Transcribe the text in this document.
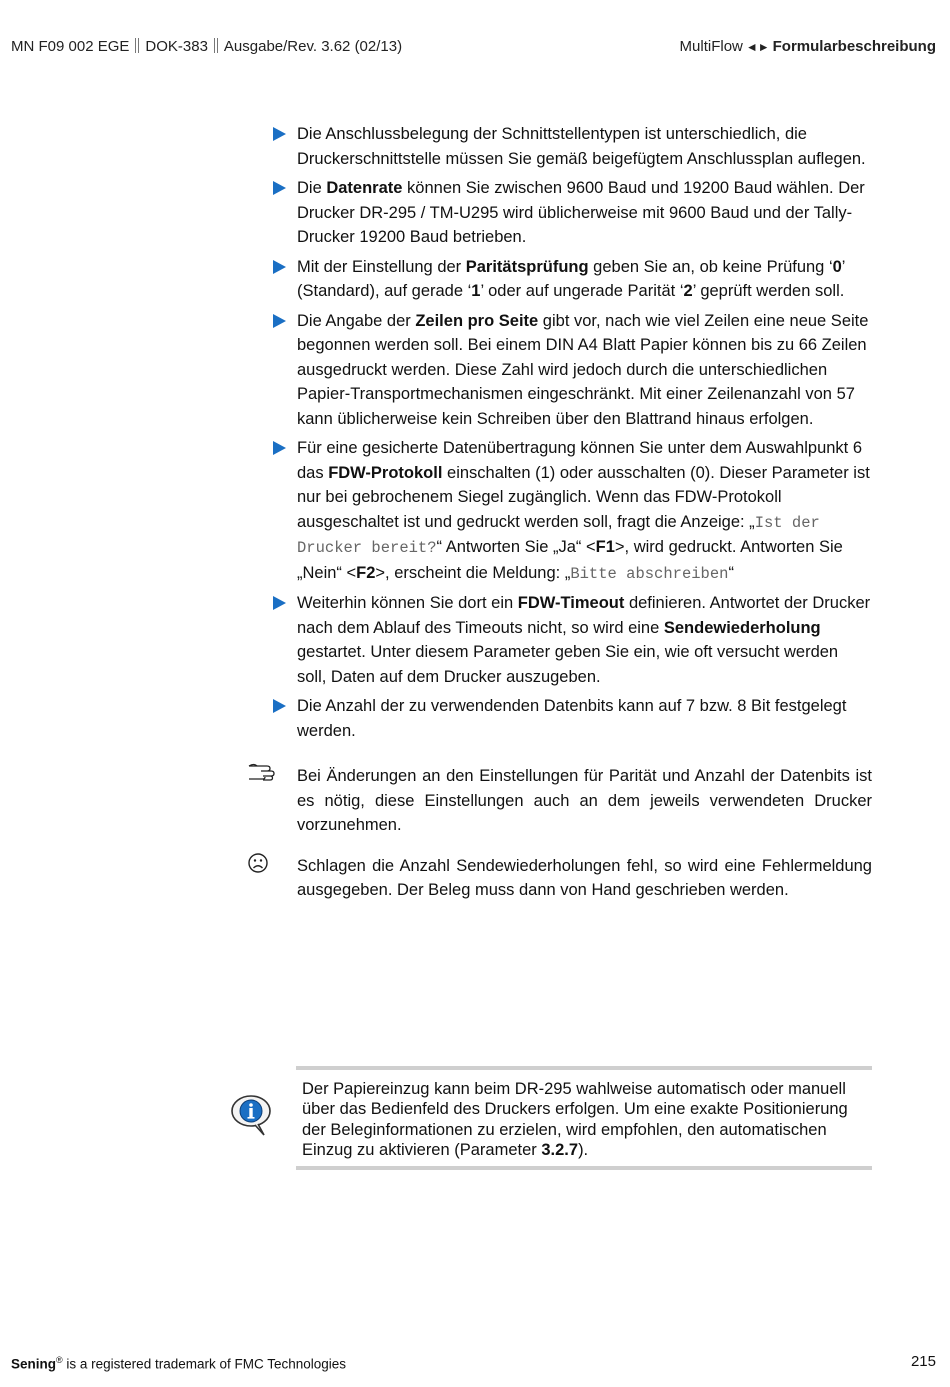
MN F09 002 EGE DOK-383 Ausgabe/Rev. 3.62 (02/13)	MultiFlow ◄► Formularbeschreibung
Die Anschlussbelegung der Schnittstellentypen ist unterschiedlich, die Druckerschnittstelle müssen Sie gemäß beigefügtem Anschlussplan auflegen.
Die Datenrate können Sie zwischen 9600 Baud und 19200 Baud wählen. Der Drucker DR-295 / TM-U295 wird üblicherweise mit 9600 Baud und der Tally-Drucker 19200 Baud betrieben.
Mit der Einstellung der Paritätsprüfung geben Sie an, ob keine Prüfung ‘0’ (Standard), auf gerade ‘1’ oder auf ungerade Parität ‘2’ geprüft werden soll.
Die Angabe der Zeilen pro Seite gibt vor, nach wie viel Zeilen eine neue Seite begonnen werden soll. Bei einem DIN A4 Blatt Papier können bis zu 66 Zeilen ausgedruckt werden. Diese Zahl wird jedoch durch die unterschiedlichen Papier-Transportmechanismen eingeschränkt. Mit einer Zeilenanzahl von 57 kann üblicherweise kein Schreiben über den Blattrand hinaus erfolgen.
Für eine gesicherte Datenübertragung können Sie unter dem Auswahlpunkt 6 das FDW-Protokoll einschalten (1) oder ausschalten (0). Dieser Parameter ist nur bei gebrochenem Siegel zugänglich. Wenn das FDW-Protokoll ausgeschaltet ist und gedruckt werden soll, fragt die Anzeige: „Ist der Drucker bereit?“ Antworten Sie „Ja“ <F1>, wird gedruckt. Antworten Sie „Nein“ <F2>, erscheint die Meldung: „Bitte abschreiben“
Weiterhin können Sie dort ein FDW-Timeout definieren. Antwortet der Drucker nach dem Ablauf des Timeouts nicht, so wird eine Sendewiederholung gestartet. Unter diesem Parameter geben Sie ein, wie oft versucht werden soll, Daten auf dem Drucker auszugeben.
Die Anzahl der zu verwendenden Datenbits kann auf 7 bzw. 8 Bit festgelegt werden.
Bei Änderungen an den Einstellungen für Parität und Anzahl der Datenbits ist es nötig, diese Einstellungen auch an dem jeweils verwendeten Drucker vorzunehmen.
Schlagen die Anzahl Sendewiederholungen fehl, so wird eine Fehlermeldung ausgegeben. Der Beleg muss dann von Hand geschrieben werden.
Der Papiereinzug kann beim DR-295 wahlweise automatisch oder manuell über das Bedienfeld des Druckers erfolgen. Um eine exakte Positionierung der Beleginformationen zu erzielen, wird empfohlen, den automatischen Einzug zu aktivieren (Parameter 3.2.7).
Sening® is a registered trademark of FMC Technologies	215
